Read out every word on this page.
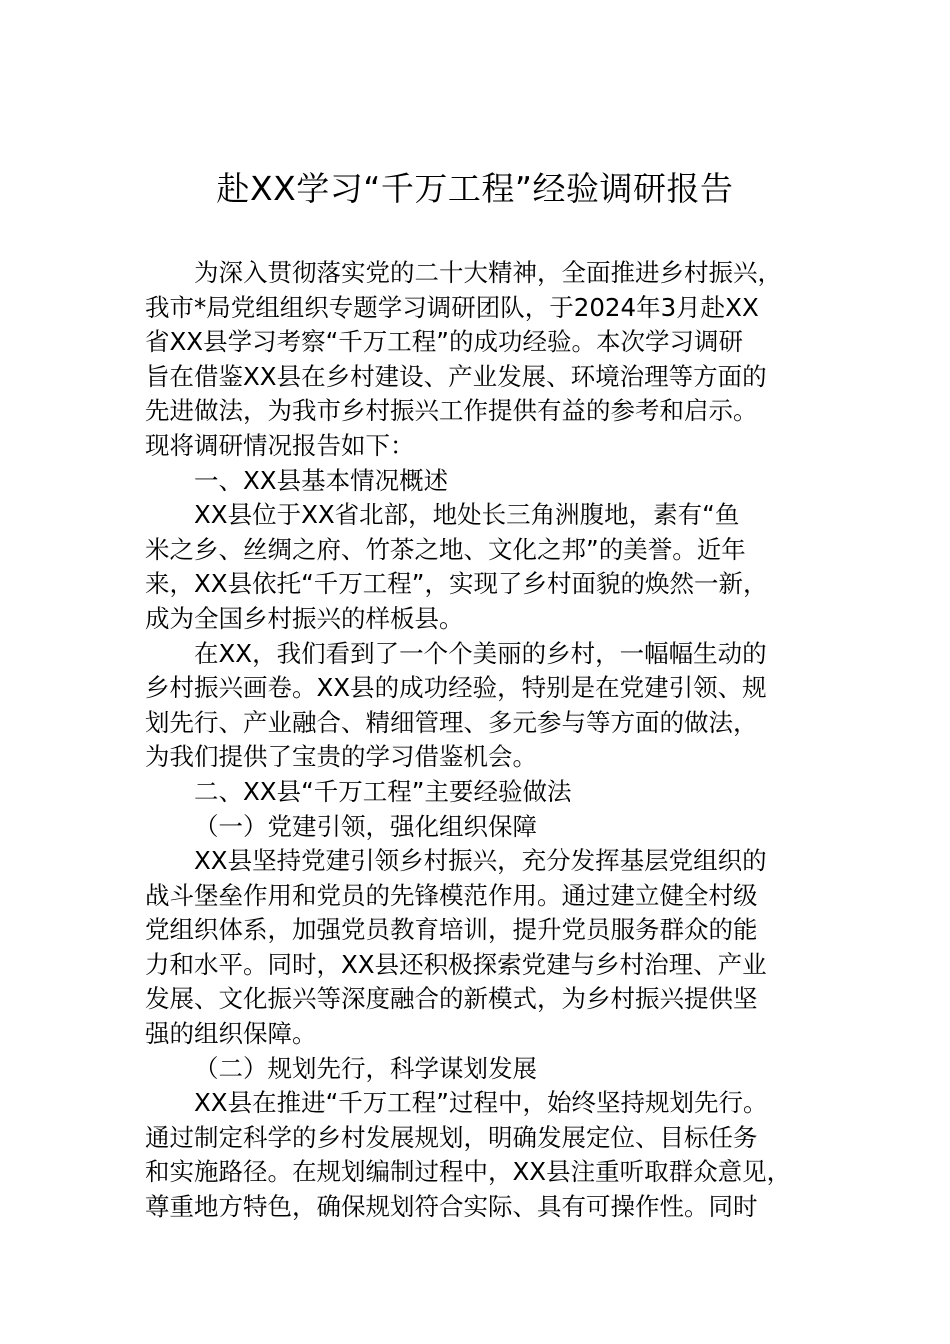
赴XX学习“千万工程”经验调研报告
为深入贯彻落实党的二十大精神，全面推进乡村振兴，
我市*局党组组织专题学习调研团队，于2024年3月赴XX
省XX县学习考察“千万工程”的成功经验。本次学习调研
旨在借鉴XX县在乡村建设、产业发展、环境治理等方面的
先进做法，为我市乡村振兴工作提供有益的参考和启示。
现将调研情况报告如下：
一、XX县基本情况概述
XX县位于XX省北部，地处长三角洲腹地，素有“鱼
米之乡、丝绸之府、竹茶之地、文化之邦”的美誉。近年
来，XX县依托“千万工程”，实现了乡村面貌的焕然一新，
成为全国乡村振兴的样板县。
在XX，我们看到了一个个美丽的乡村，一幅幅生动的
乡村振兴画卷。XX县的成功经验，特别是在党建引领、规
划先行、产业融合、精细管理、多元参与等方面的做法，
为我们提供了宝贵的学习借鉴机会。
二、XX县“千万工程”主要经验做法
（一）党建引领，强化组织保障
XX县坚持党建引领乡村振兴，充分发挥基层党组织的
战斗堡垒作用和党员的先锋模范作用。通过建立健全村级
党组织体系，加强党员教育培训，提升党员服务群众的能
力和水平。同时，XX县还积极探索党建与乡村治理、产业
发展、文化振兴等深度融合的新模式，为乡村振兴提供坚
强的组织保障。
（二）规划先行，科学谋划发展
XX县在推进“千万工程”过程中，始终坚持规划先行。
通过制定科学的乡村发展规划，明确发展定位、目标任务
和实施路径。在规划编制过程中，XX县注重听取群众意见，
尊重地方特色，确保规划符合实际、具有可操作性。同时
